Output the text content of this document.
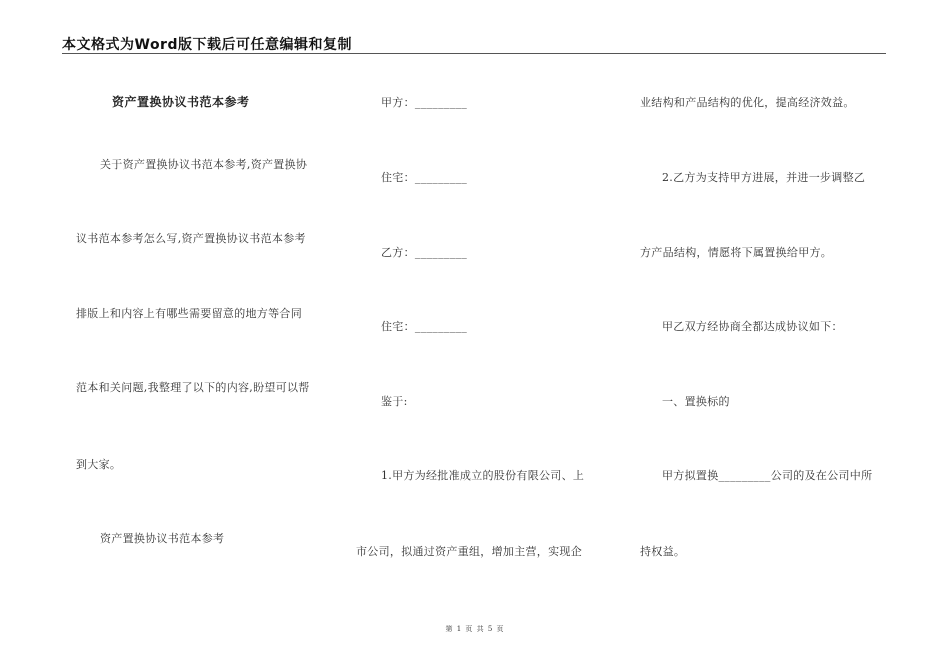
本文格式为Word版下载后可任意编辑和复制
资产置换协议书范本参考
关于资产置换协议书范本参考,资产置换协
议书范本参考怎么写,资产置换协议书范本参考
排版上和内容上有哪些需要留意的地方等合同
范本和关问题,我整理了以下的内容,盼望可以帮
到大家。
资产置换协议书范本参考
甲方：_________
住宅：_________
乙方：_________
住宅：_________
鉴于:
1.甲方为经批准成立的股份有限公司、上
市公司，拟通过资产重组，增加主营，实现企
业结构和产品结构的优化，提高经济效益。
2.乙方为支持甲方进展，并进一步调整乙
方产品结构，情愿将下属置换给甲方。
甲乙双方经协商全都达成协议如下：
一、置换标的
甲方拟置换_________公司的及在公司中所
持权益。
第 1 页 共 5 页
